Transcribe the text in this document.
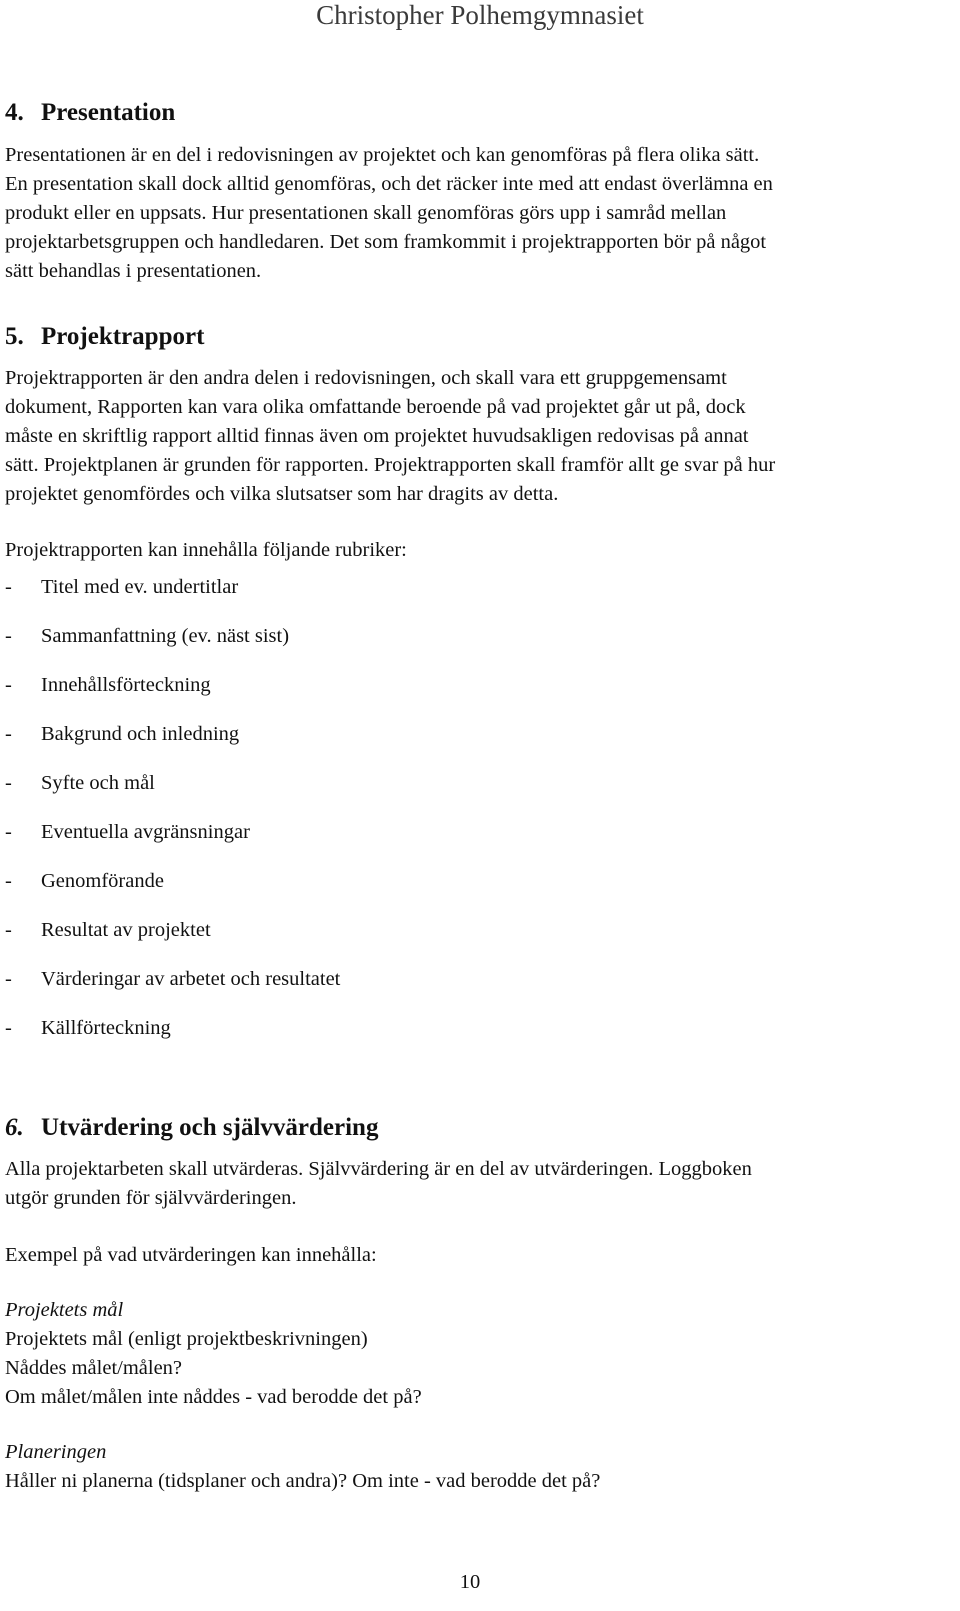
Christopher Polhemgymnasiet
4. Presentation
Presentationen är en del i redovisningen av projektet och kan genomföras på flera olika sätt.
En presentation skall dock alltid genomföras, och det räcker inte med att endast överlämna en
produkt eller en uppsats. Hur presentationen skall genomföras görs upp i samråd mellan
projektarbetsgruppen och handledaren. Det som framkommit i projektrapporten bör på något
sätt behandlas i presentationen.
5. Projektrapport
Projektrapporten är den andra delen i redovisningen, och skall vara ett gruppgemensamt
dokument, Rapporten kan vara olika omfattande beroende på vad projektet går ut på, dock
måste en skriftlig rapport alltid finnas även om projektet huvudsakligen redovisas på annat
sätt. Projektplanen är grunden för rapporten. Projektrapporten skall framför allt ge svar på hur
projektet genomfördes och vilka slutsatser som har dragits av detta.
Projektrapporten kan innehålla följande rubriker:
- Titel med ev. undertitlar
- Sammanfattning (ev. näst sist)
- Innehållsförteckning
- Bakgrund och inledning
- Syfte och mål
- Eventuella avgränsningar
- Genomförande
- Resultat av projektet
- Värderingar av arbetet och resultatet
- Källförteckning
6. Utvärdering och självvärdering
Alla projektarbeten skall utvärderas. Självvärdering är en del av utvärderingen. Loggboken
utgör grunden för självvärderingen.
Exempel på vad utvärderingen kan innehålla:
Projektets mål
Projektets mål (enligt projektbeskrivningen)
Nåddes målet/målen?
Om målet/målen inte nåddes - vad berodde det på?
Planeringen
Håller ni planerna (tidsplaner och andra)? Om inte - vad berodde det på?
10
